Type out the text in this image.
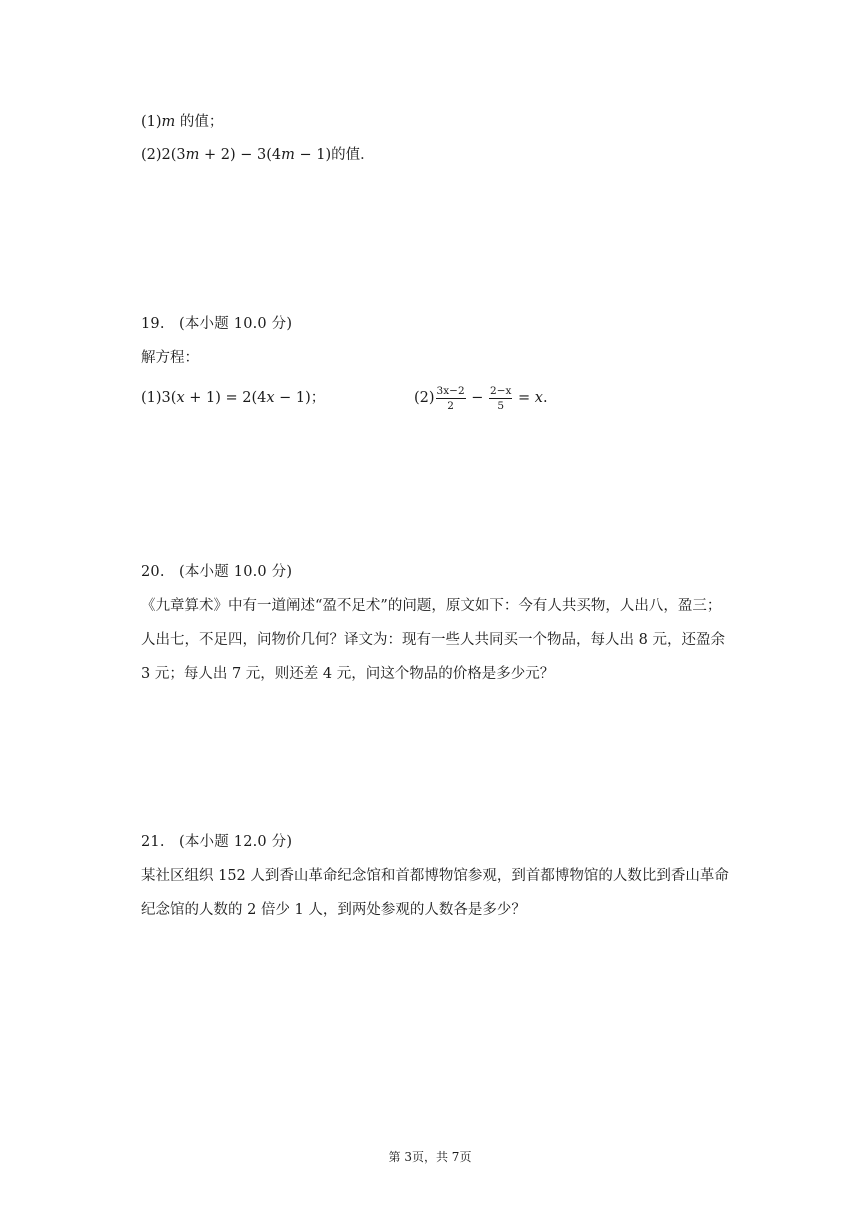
(1)m 的值；
(2)2(3m + 2) − 3(4m − 1)的值．
19. (本小题 10.0 分)
解方程：
(1)3(x + 1) = 2(4x − 1)；	$(2) \frac{3x-2}{2} - \frac{2-x}{5} = x$.
20. (本小题 10.0 分)
《九章算术》中有一道阐述“盈不足术”的问题，原文如下：今有人共买物，人出八，盈三；
人出七，不足四，问物价几何？译文为：现有一些人共同买一个物品，每人出 8 元，还盈余
3 元；每人出 7 元，则还差 4 元，问这个物品的价格是多少元？
21. (本小题 12.0 分)
某社区组织 152 人到香山革命纪念馆和首都博物馆参观，到首都博物馆的人数比到香山革命
纪念馆的人数的 2 倍少 1 人，到两处参观的人数各是多少？
第 3页，共 7页
